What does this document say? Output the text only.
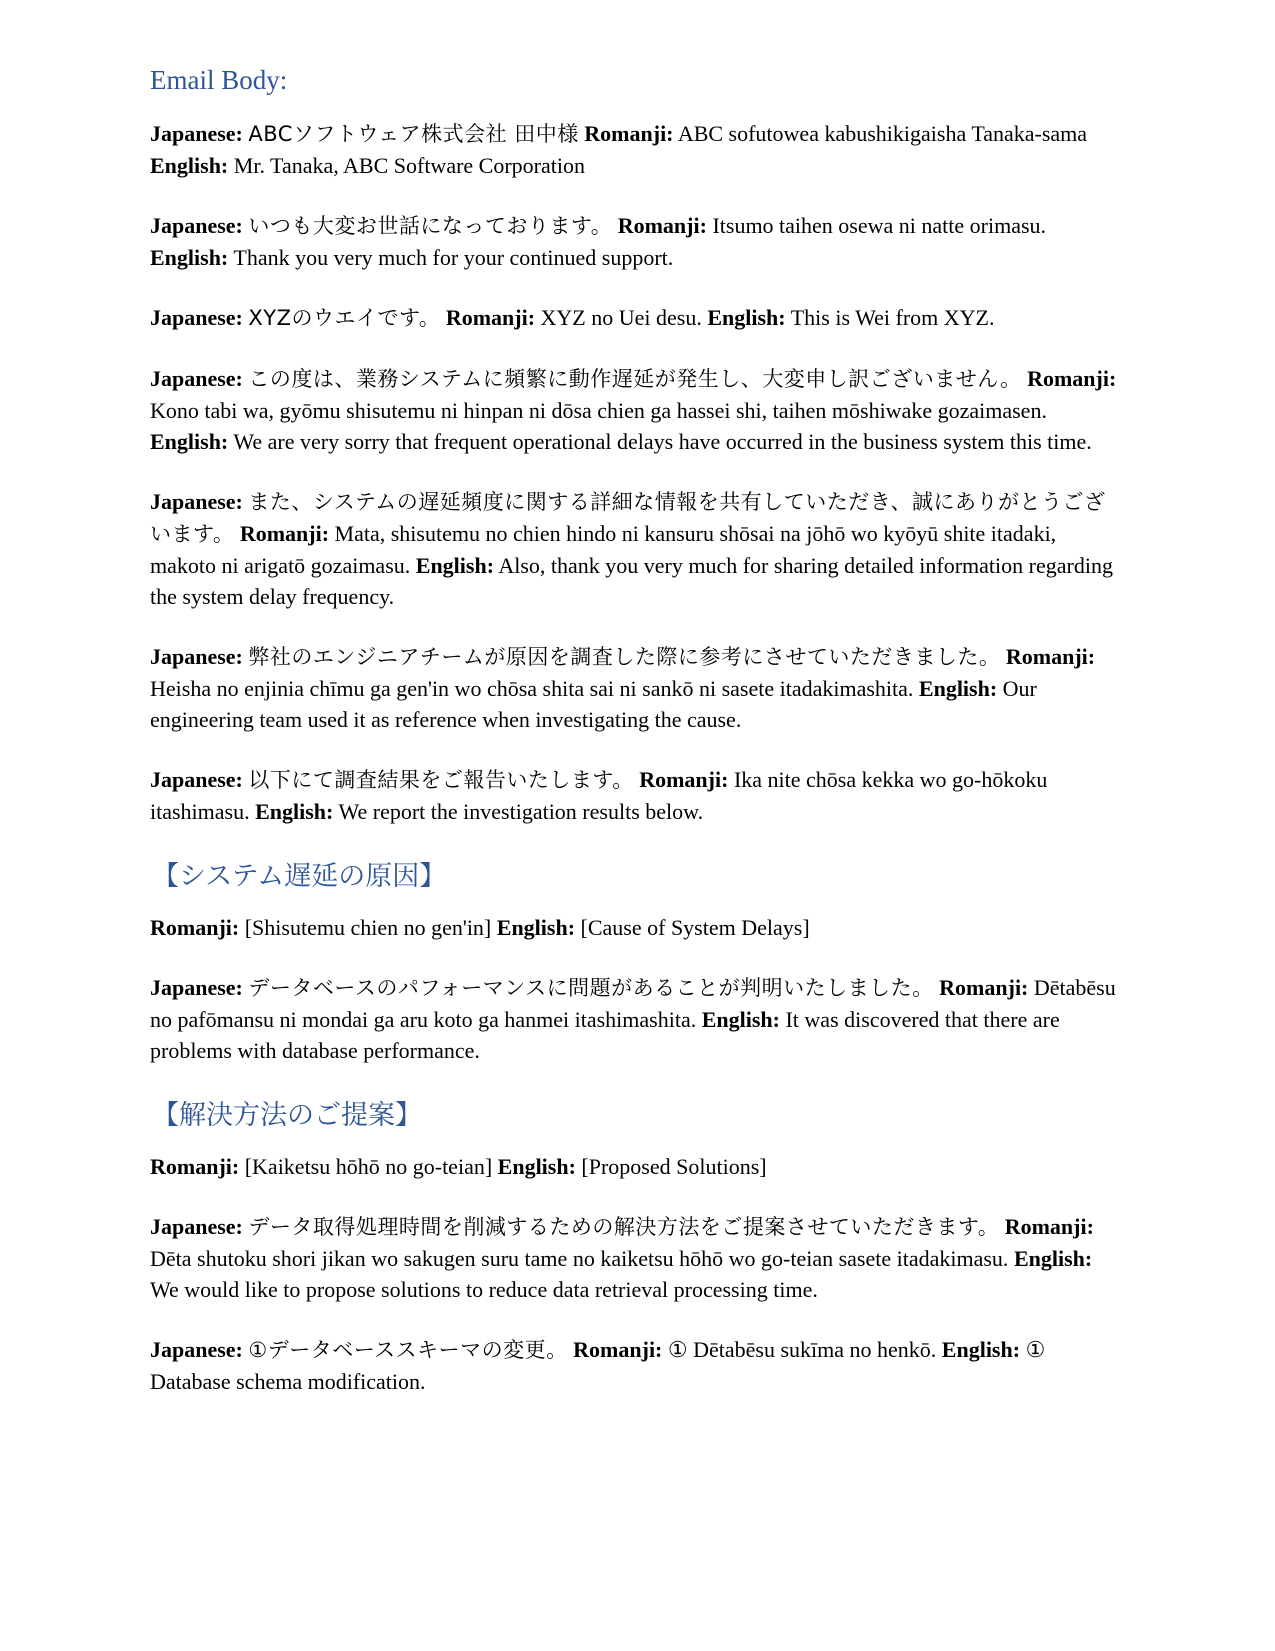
Email Body:

Japanese: ABCソフトウェア株式会社 田中様 Romanji: ABC sofutowea kabushikigaisha Tanaka-sama English: Mr. Tanaka, ABC Software Corporation

Japanese: いつも大変お世話になっております。 Romanji: Itsumo taihen osewa ni natte orimasu. English: Thank you very much for your continued support.

Japanese: XYZのウエイです。 Romanji: XYZ no Uei desu. English: This is Wei from XYZ.

Japanese: この度は、業務システムに頻繁に動作遅延が発生し、大変申し訳ございません。 Romanji: Kono tabi wa, gyōmu shisutemu ni hinpan ni dōsa chien ga hassei shi, taihen mōshiwake gozaimasen. English: We are very sorry that frequent operational delays have occurred in the business system this time.

Japanese: また、システムの遅延頻度に関する詳細な情報を共有していただき、誠にありがとうございます。 Romanji: Mata, shisutemu no chien hindo ni kansuru shōsai na jōhō wo kyōyū shite itadaki, makoto ni arigatō gozaimasu. English: Also, thank you very much for sharing detailed information regarding the system delay frequency.

Japanese: 弊社のエンジニアチームが原因を調査した際に参考にさせていただきました。 Romanji: Heisha no enjinia chīmu ga gen'in wo chōsa shita sai ni sankō ni sasete itadakimashita. English: Our engineering team used it as reference when investigating the cause.

Japanese: 以下にて調査結果をご報告いたします。 Romanji: Ika nite chōsa kekka wo go-hōkoku itashimasu. English: We report the investigation results below.

【システム遅延の原因】

Romanji: [Shisutemu chien no gen'in] English: [Cause of System Delays]

Japanese: データベースのパフォーマンスに問題があることが判明いたしました。 Romanji: Dētabēsu no pafōmansu ni mondai ga aru koto ga hanmei itashimashita. English: It was discovered that there are problems with database performance.

【解決方法のご提案】

Romanji: [Kaiketsu hōhō no go-teian] English: [Proposed Solutions]

Japanese: データ取得処理時間を削減するための解決方法をご提案させていただきます。 Romanji: Dēta shutoku shori jikan wo sakugen suru tame no kaiketsu hōhō wo go-teian sasete itadakimasu. English: We would like to propose solutions to reduce data retrieval processing time.

Japanese: ①データベーススキーマの変更。 Romanji: ① Dētabēsu sukīma no henkō. English: ① Database schema modification.
